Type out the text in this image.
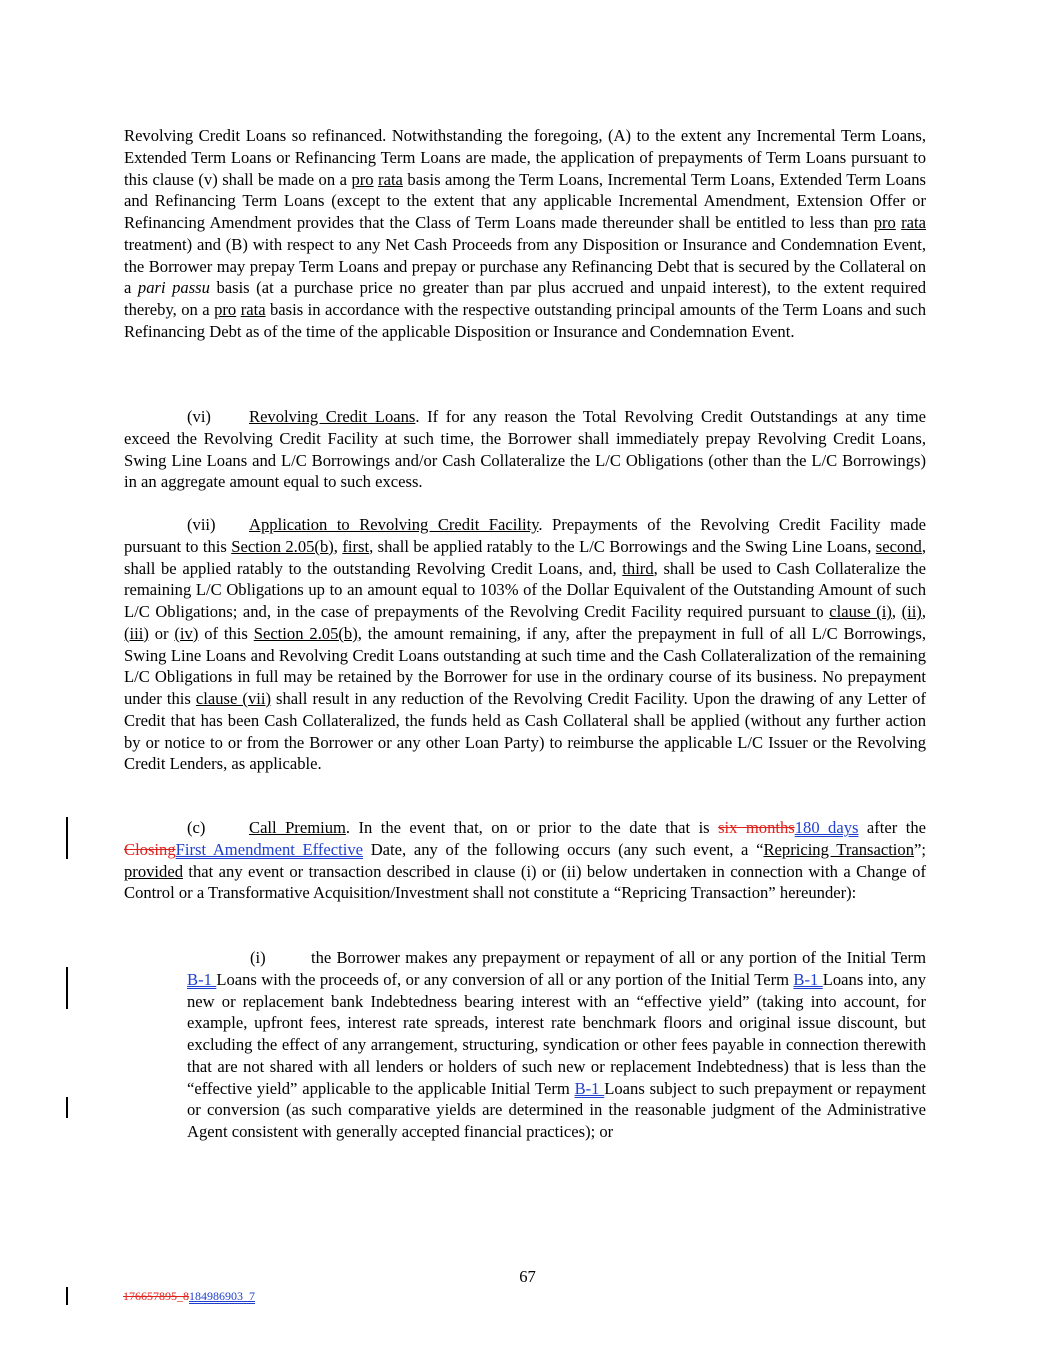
Revolving Credit Loans so refinanced. Notwithstanding the foregoing, (A) to the extent any Incremental Term Loans, Extended Term Loans or Refinancing Term Loans are made, the application of prepayments of Term Loans pursuant to this clause (v) shall be made on a pro rata basis among the Term Loans, Incremental Term Loans, Extended Term Loans and Refinancing Term Loans (except to the extent that any applicable Incremental Amendment, Extension Offer or Refinancing Amendment provides that the Class of Term Loans made thereunder shall be entitled to less than pro rata treatment) and (B) with respect to any Net Cash Proceeds from any Disposition or Insurance and Condemnation Event, the Borrower may prepay Term Loans and prepay or purchase any Refinancing Debt that is secured by the Collateral on a pari passu basis (at a purchase price no greater than par plus accrued and unpaid interest), to the extent required thereby, on a pro rata basis in accordance with the respective outstanding principal amounts of the Term Loans and such Refinancing Debt as of the time of the applicable Disposition or Insurance and Condemnation Event.

(vi) Revolving Credit Loans. If for any reason the Total Revolving Credit Outstandings at any time exceed the Revolving Credit Facility at such time, the Borrower shall immediately prepay Revolving Credit Loans, Swing Line Loans and L/C Borrowings and/or Cash Collateralize the L/C Obligations (other than the L/C Borrowings) in an aggregate amount equal to such excess.

(vii) Application to Revolving Credit Facility. Prepayments of the Revolving Credit Facility made pursuant to this Section 2.05(b), first, shall be applied ratably to the L/C Borrowings and the Swing Line Loans, second, shall be applied ratably to the outstanding Revolving Credit Loans, and, third, shall be used to Cash Collateralize the remaining L/C Obligations up to an amount equal to 103% of the Dollar Equivalent of the Outstanding Amount of such L/C Obligations; and, in the case of prepayments of the Revolving Credit Facility required pursuant to clause (i), (ii), (iii) or (iv) of this Section 2.05(b), the amount remaining, if any, after the prepayment in full of all L/C Borrowings, Swing Line Loans and Revolving Credit Loans outstanding at such time and the Cash Collateralization of the remaining L/C Obligations in full may be retained by the Borrower for use in the ordinary course of its business. No prepayment under this clause (vii) shall result in any reduction of the Revolving Credit Facility. Upon the drawing of any Letter of Credit that has been Cash Collateralized, the funds held as Cash Collateral shall be applied (without any further action by or notice to or from the Borrower or any other Loan Party) to reimburse the applicable L/C Issuer or the Revolving Credit Lenders, as applicable.

(c)	Call Premium. In the event that, on or prior to the date that is six months180 days after the ClosingFirst Amendment Effective Date, any of the following occurs (any such event, a “Repricing Transaction”; provided that any event or transaction described in clause (i) or (ii) below undertaken in connection with a Change of Control or a Transformative Acquisition/Investment shall not constitute a “Repricing Transaction” hereunder):

(i)	the Borrower makes any prepayment or repayment of all or any portion of the Initial Term B-1 Loans with the proceeds of, or any conversion of all or any portion of the Initial Term B-1 Loans into, any new or replacement bank Indebtedness bearing interest with an “effective yield” (taking into account, for example, upfront fees, interest rate spreads, interest rate benchmark floors and original issue discount, but excluding the effect of any arrangement, structuring, syndication or other fees payable in connection therewith that are not shared with all lenders or holders of such new or replacement Indebtedness) that is less than the “effective yield” applicable to the applicable Initial Term B-1 Loans subject to such prepayment or repayment or conversion (as such comparative yields are determined in the reasonable judgment of the Administrative Agent consistent with generally accepted financial practices); or

67
176657895_8184986903_7
